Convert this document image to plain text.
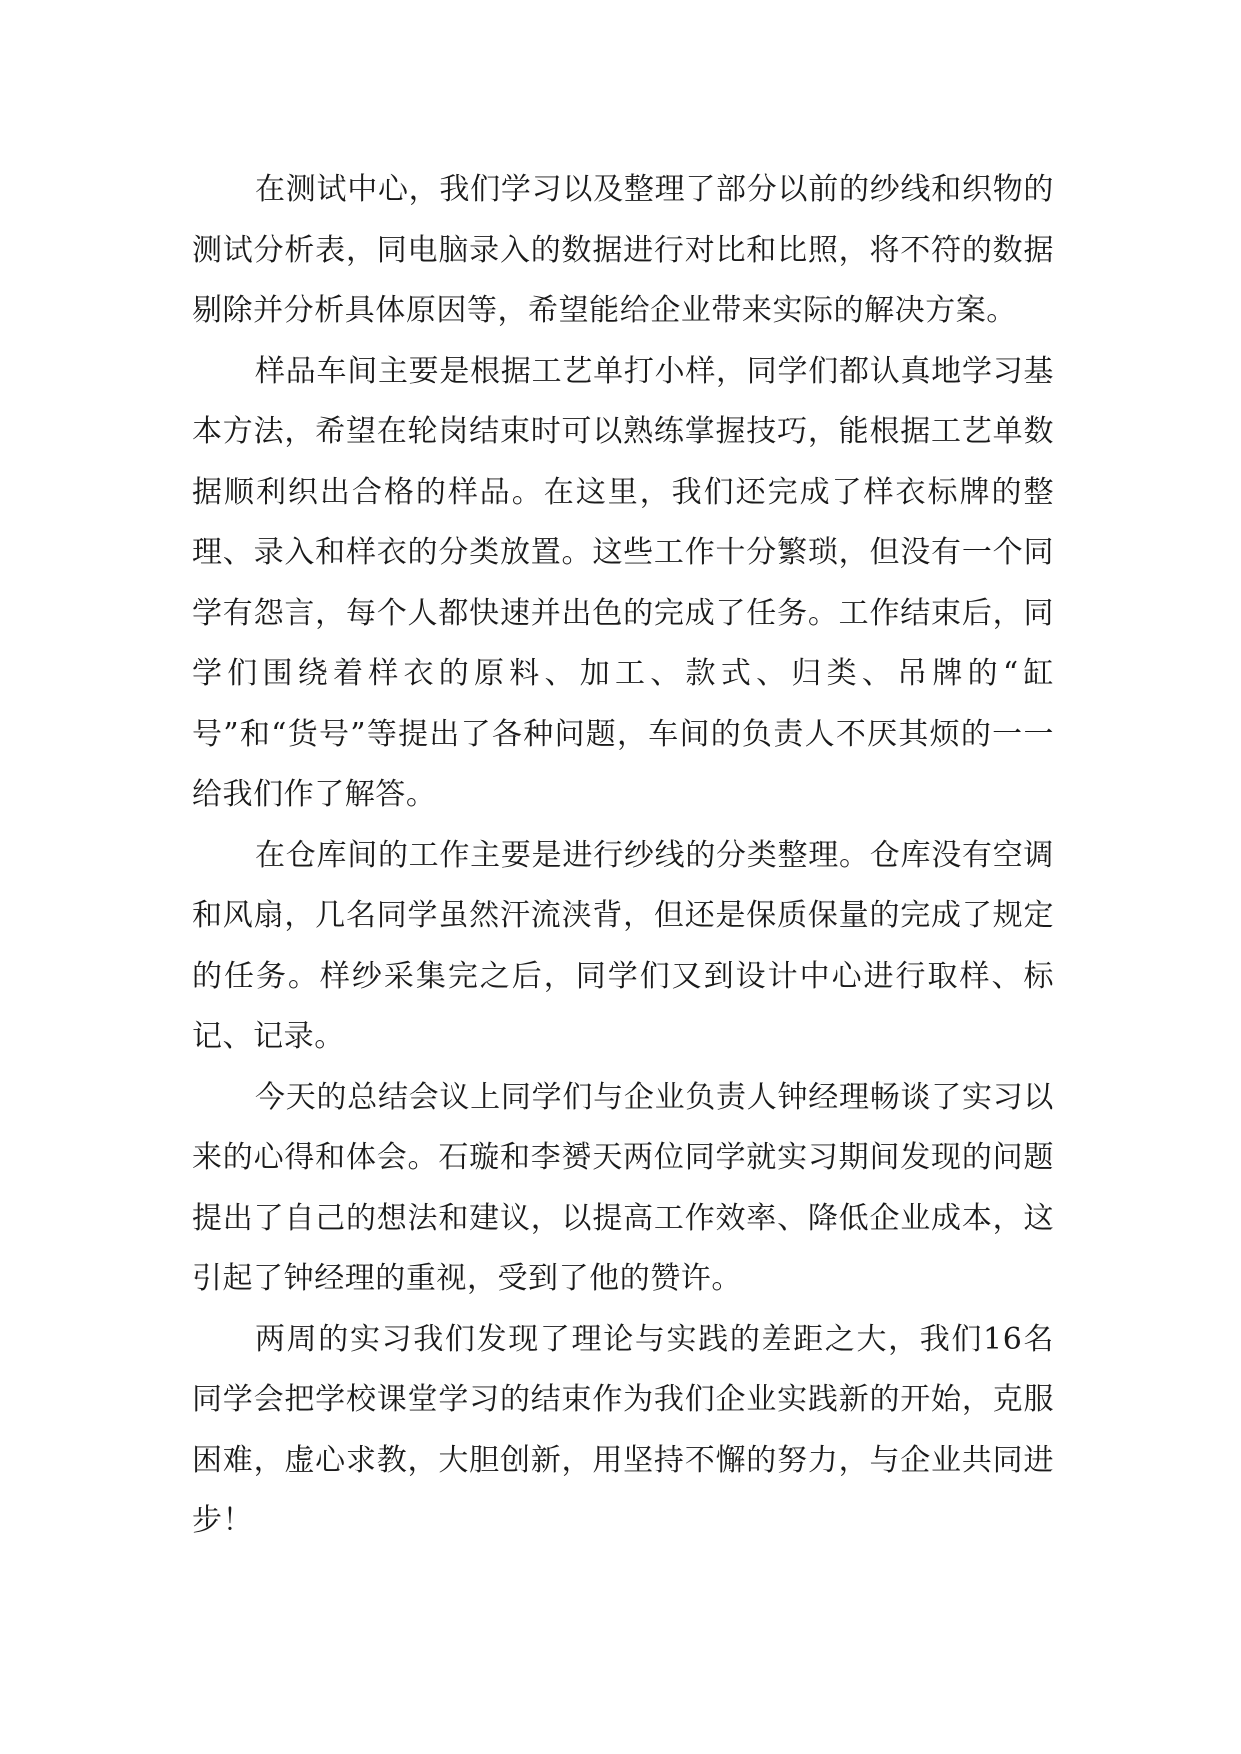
在测试中心，我们学习以及整理了部分以前的纱线和织物的测试分析表，同电脑录入的数据进行对比和比照，将不符的数据剔除并分析具体原因等，希望能给企业带来实际的解决方案。

样品车间主要是根据工艺单打小样，同学们都认真地学习基本方法，希望在轮岗结束时可以熟练掌握技巧，能根据工艺单数据顺利织出合格的样品。在这里，我们还完成了样衣标牌的整理、录入和样衣的分类放置。这些工作十分繁琐，但没有一个同学有怨言，每个人都快速并出色的完成了任务。工作结束后，同学们围绕着样衣的原料、加工、款式、归类、吊牌的“缸号”和“货号”等提出了各种问题，车间的负责人不厌其烦的一一给我们作了解答。

在仓库间的工作主要是进行纱线的分类整理。仓库没有空调和风扇，几名同学虽然汗流浃背，但还是保质保量的完成了规定的任务。样纱采集完之后，同学们又到设计中心进行取样、标记、记录。

今天的总结会议上同学们与企业负责人钟经理畅谈了实习以来的心得和体会。石璇和李赟天两位同学就实习期间发现的问题提出了自己的想法和建议，以提高工作效率、降低企业成本，这引起了钟经理的重视，受到了他的赞许。

两周的实习我们发现了理论与实践的差距之大，我们16名同学会把学校课堂学习的结束作为我们企业实践新的开始，克服困难，虚心求教，大胆创新，用坚持不懈的努力，与企业共同进步！
